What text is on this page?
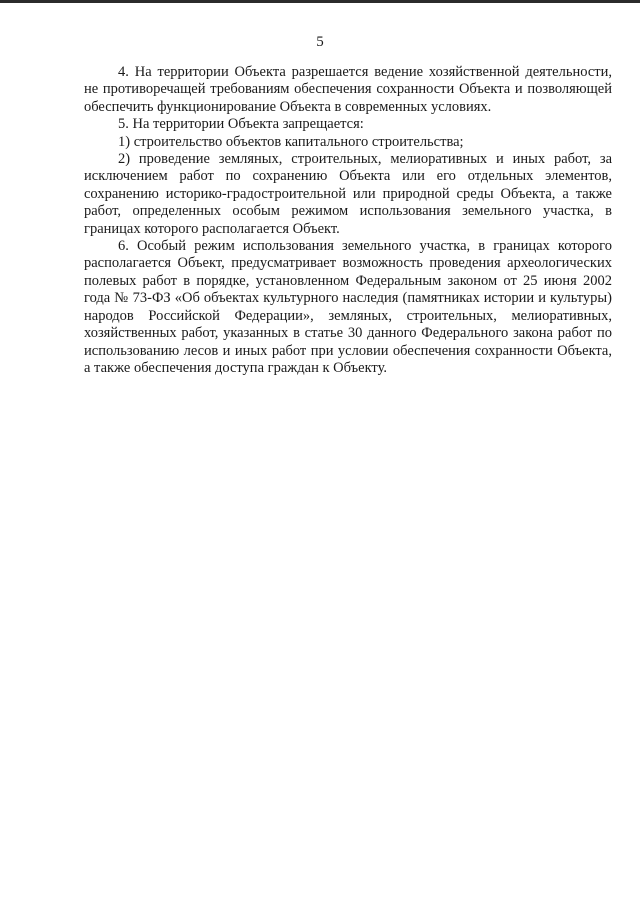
5

4. На территории Объекта разрешается ведение хозяйственной деятельности, не противоречащей требованиям обеспечения сохранности Объекта и позволяющей обеспечить функционирование Объекта в современных условиях.

5. На территории Объекта запрещается:

1) строительство объектов капитального строительства;

2) проведение земляных, строительных, мелиоративных и иных работ, за исключением работ по сохранению Объекта или его отдельных элементов, сохранению историко-градостроительной или природной среды Объекта, а также работ, определенных особым режимом использования земельного участка, в границах которого располагается Объект.

6. Особый режим использования земельного участка, в границах которого располагается Объект, предусматривает возможность проведения археологических полевых работ в порядке, установленном Федеральным законом от 25 июня 2002 года № 73-ФЗ «Об объектах культурного наследия (памятниках истории и культуры) народов Российской Федерации», земляных, строительных, мелиоративных, хозяйственных работ, указанных в статье 30 данного Федерального закона работ по использованию лесов и иных работ при условии обеспечения сохранности Объекта, а также обеспечения доступа граждан к Объекту.
